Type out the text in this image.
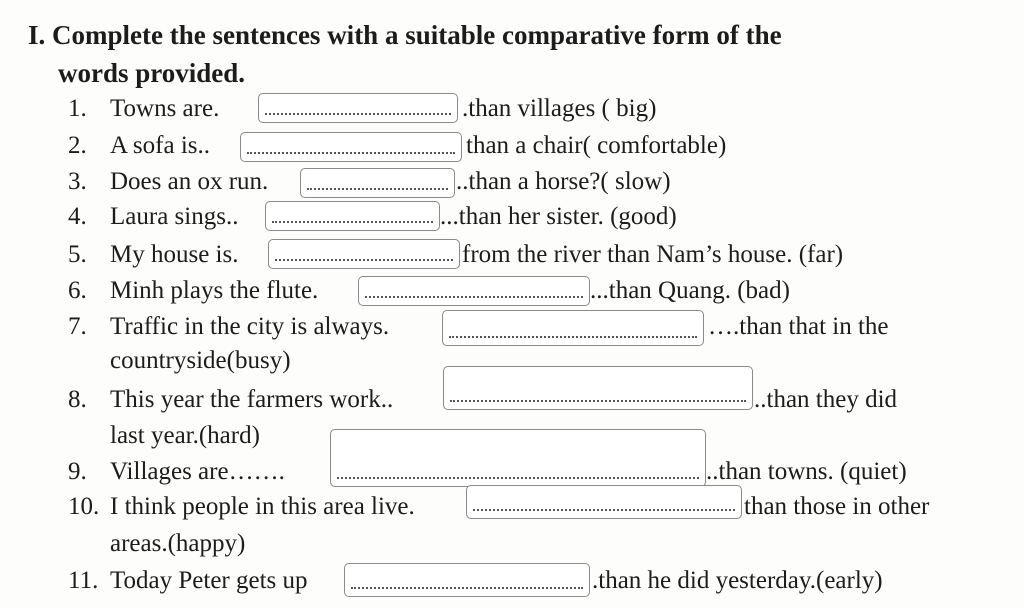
I. Complete the sentences with a suitable comparative form of the
words provided.
1. Towns are.	.than villages ( big)
2. A sofa is..	than a chair( comfortable)
3. Does an ox run.	..than a horse?( slow)
4. Laura sings..	...than her sister. (good)
5. My house is.	from the river than Nam’s house. (far)
6. Minh plays the flute.	...than Quang. (bad)
7. Traffic in the city is always.	….than that in the
countryside(busy)
8. This year the farmers work..	..than they did
last year.(hard)
9. Villages are…….	..than towns. (quiet)
10. I think people in this area live.	than those in other
areas.(happy)
11. Today Peter gets up	.than he did yesterday.(early)
